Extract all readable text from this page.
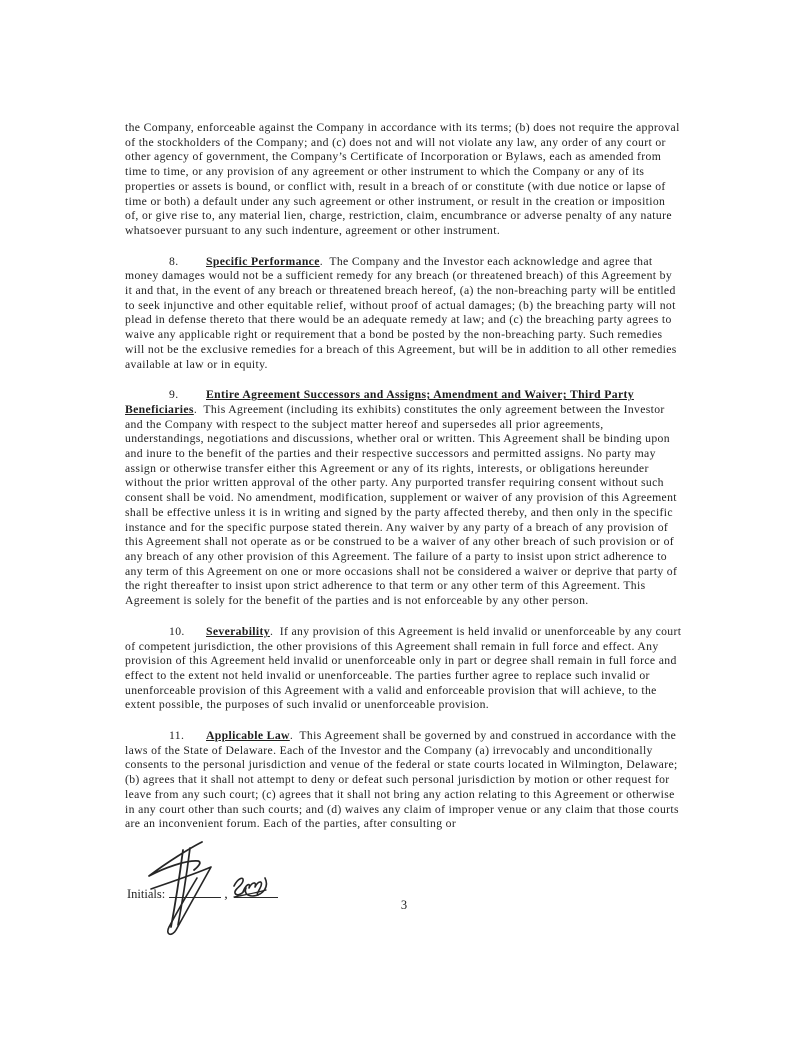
the Company, enforceable against the Company in accordance with its terms; (b) does not require the approval of the stockholders of the Company; and (c) does not and will not violate any law, any order of any court or other agency of government, the Company’s Certificate of Incorporation or Bylaws, each as amended from time to time, or any provision of any agreement or other instrument to which the Company or any of its properties or assets is bound, or conflict with, result in a breach of or constitute (with due notice or lapse of time or both) a default under any such agreement or other instrument, or result in the creation or imposition of, or give rise to, any material lien, charge, restriction, claim, encumbrance or adverse penalty of any nature whatsoever pursuant to any such indenture, agreement or other instrument.
8. Specific Performance.  The Company and the Investor each acknowledge and agree that money damages would not be a sufficient remedy for any breach (or threatened breach) of this Agreement by it and that, in the event of any breach or threatened breach hereof, (a) the non-breaching party will be entitled to seek injunctive and other equitable relief, without proof of actual damages; (b) the breaching party will not plead in defense thereto that there would be an adequate remedy at law; and (c) the breaching party agrees to waive any applicable right or requirement that a bond be posted by the non-breaching party. Such remedies will not be the exclusive remedies for a breach of this Agreement, but will be in addition to all other remedies available at law or in equity.
9. Entire Agreement Successors and Assigns; Amendment and Waiver; Third Party Beneficiaries.  This Agreement (including its exhibits) constitutes the only agreement between the Investor and the Company with respect to the subject matter hereof and supersedes all prior agreements, understandings, negotiations and discussions, whether oral or written. This Agreement shall be binding upon and inure to the benefit of the parties and their respective successors and permitted assigns. No party may assign or otherwise transfer either this Agreement or any of its rights, interests, or obligations hereunder without the prior written approval of the other party. Any purported transfer requiring consent without such consent shall be void. No amendment, modification, supplement or waiver of any provision of this Agreement shall be effective unless it is in writing and signed by the party affected thereby, and then only in the specific instance and for the specific purpose stated therein. Any waiver by any party of a breach of any provision of this Agreement shall not operate as or be construed to be a waiver of any other breach of such provision or of any breach of any other provision of this Agreement. The failure of a party to insist upon strict adherence to any term of this Agreement on one or more occasions shall not be considered a waiver or deprive that party of the right thereafter to insist upon strict adherence to that term or any other term of this Agreement. This Agreement is solely for the benefit of the parties and is not enforceable by any other person.
10. Severability.  If any provision of this Agreement is held invalid or unenforceable by any court of competent jurisdiction, the other provisions of this Agreement shall remain in full force and effect. Any provision of this Agreement held invalid or unenforceable only in part or degree shall remain in full force and effect to the extent not held invalid or unenforceable. The parties further agree to replace such invalid or unenforceable provision of this Agreement with a valid and enforceable provision that will achieve, to the extent possible, the purposes of such invalid or unenforceable provision.
11. Applicable Law.  This Agreement shall be governed by and construed in accordance with the laws of the State of Delaware. Each of the Investor and the Company (a) irrevocably and unconditionally consents to the personal jurisdiction and venue of the federal or state courts located in Wilmington, Delaware; (b) agrees that it shall not attempt to deny or defeat such personal jurisdiction by motion or other request for leave from any such court; (c) agrees that it shall not bring any action relating to this Agreement or otherwise in any court other than such courts; and (d) waives any claim of improper venue or any claim that those courts are an inconvenient forum. Each of the parties, after consulting or
Initials:	,
3
